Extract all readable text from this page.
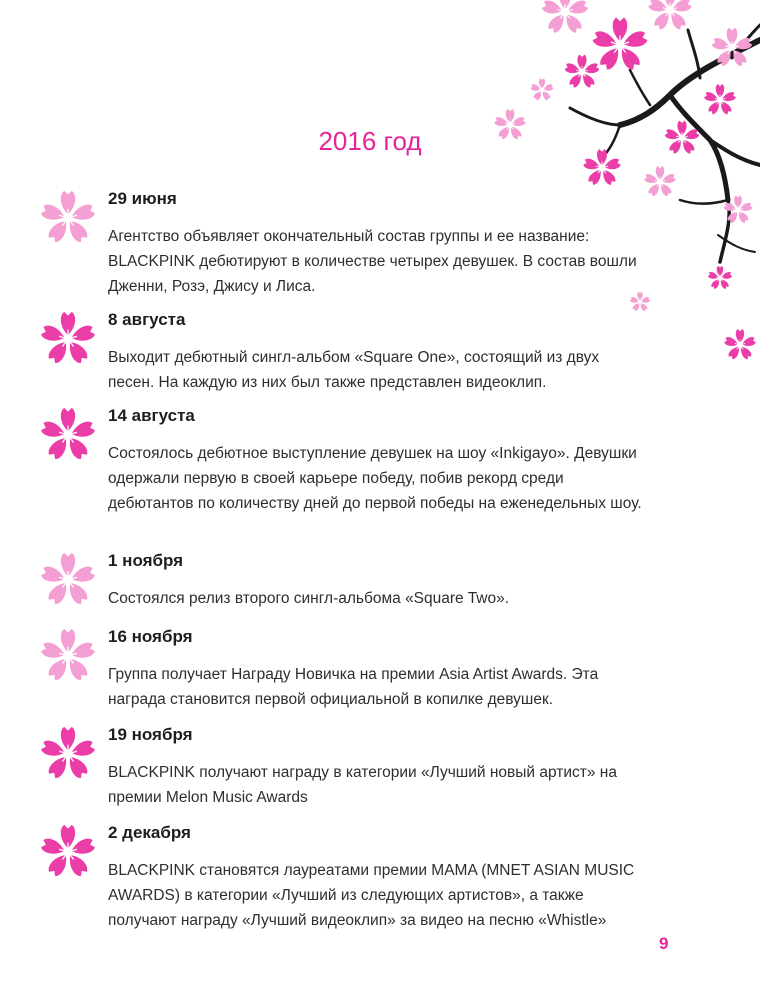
2016 год
29 июня
Агентство объявляет окончательный состав группы и ее название: BLACKPINK дебютируют в количестве четырех девушек. В состав вошли Дженни, Розэ, Джису и Лиса.
8 августа
Выходит дебютный сингл-альбом «Square One», состоящий из двух песен. На каждую из них был также представлен видеоклип.
14 августа
Состоялось дебютное выступление девушек на шоу «Inkigayo». Девушки одержали первую в своей карьере победу, побив рекорд среди дебютантов по количеству дней до первой победы на еженедельных шоу.
1 ноября
Состоялся релиз второго сингл-альбома «Square Two».
16 ноября
Группа получает Награду Новичка на премии Asia Artist Awards. Эта награда становится первой официальной в копилке девушек.
19 ноября
BLACKPINK получают награду в категории «Лучший новый артист» на премии Melon Music Awards
2 декабря
BLACKPINK становятся лауреатами премии MAMA (MNET ASIAN MUSIC AWARDS) в категории «Лучший из следующих артистов», а также получают награду «Лучший видеоклип» за видео на песню «Whistle»
9
